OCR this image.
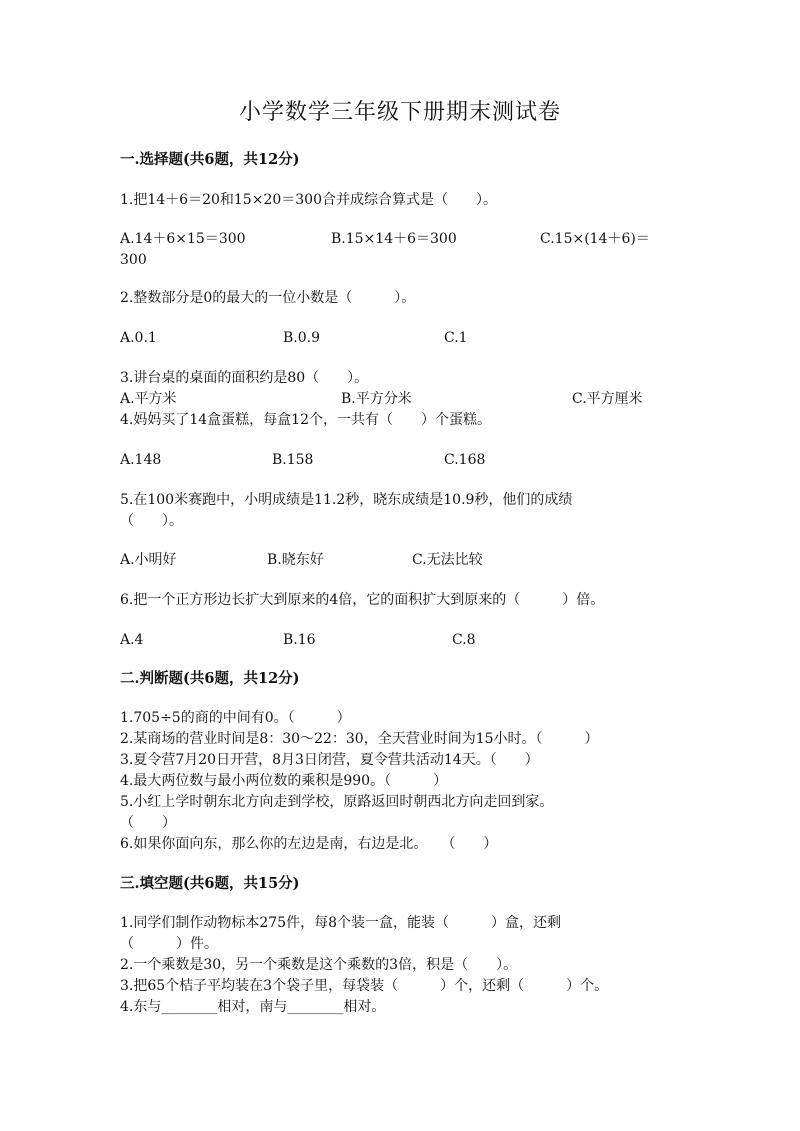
小学数学三年级下册期末测试卷
一.选择题(共6题，共12分)
1.把14＋6＝20和15×20＝300合并成综合算式是（　　）。
A.14＋6×15＝300	B.15×14＋6＝300	C.15×(14＋6)＝
300
2.整数部分是0的最大的一位小数是（　　　）。
A.0.1	B.0.9	C.1
3.讲台桌的桌面的面积约是80（　　）。
A.平方米	B.平方分米	C.平方厘米
4.妈妈买了14盒蛋糕，每盒12个，一共有（　　）个蛋糕。
A.148	B.158	C.168
5.在100米赛跑中，小明成绩是11.2秒，晓东成绩是10.9秒，他们的成绩
（　　）。
A.小明好	B.晓东好	C.无法比较
6.把一个正方形边长扩大到原来的4倍，它的面积扩大到原来的（　　　）倍。
A.4	B.16	C.8
二.判断题(共6题，共12分)
1.705÷5的商的中间有0。（　　　）
2.某商场的营业时间是8：30～22：30，全天营业时间为15小时。（　　　）
3.夏令营7月20日开营，8月3日闭营，夏令营共活动14天。（　　）
4.最大两位数与最小两位数的乘积是990。（　　　）
5.小红上学时朝东北方向走到学校，原路返回时朝西北方向走回到家。
（　　）
6.如果你面向东，那么你的左边是南，右边是北。　　（　　）
三.填空题(共6题，共15分)
1.同学们制作动物标本275件，每8个装一盒，能装（　　　）盒，还剩
（　　　）件。
2.一个乘数是30，另一个乘数是这个乘数的3倍，积是（　　）。
3.把65个桔子平均装在3个袋子里，每袋装（　　　）个，还剩（　　　）个。
4.东与________相对，南与________相对。
